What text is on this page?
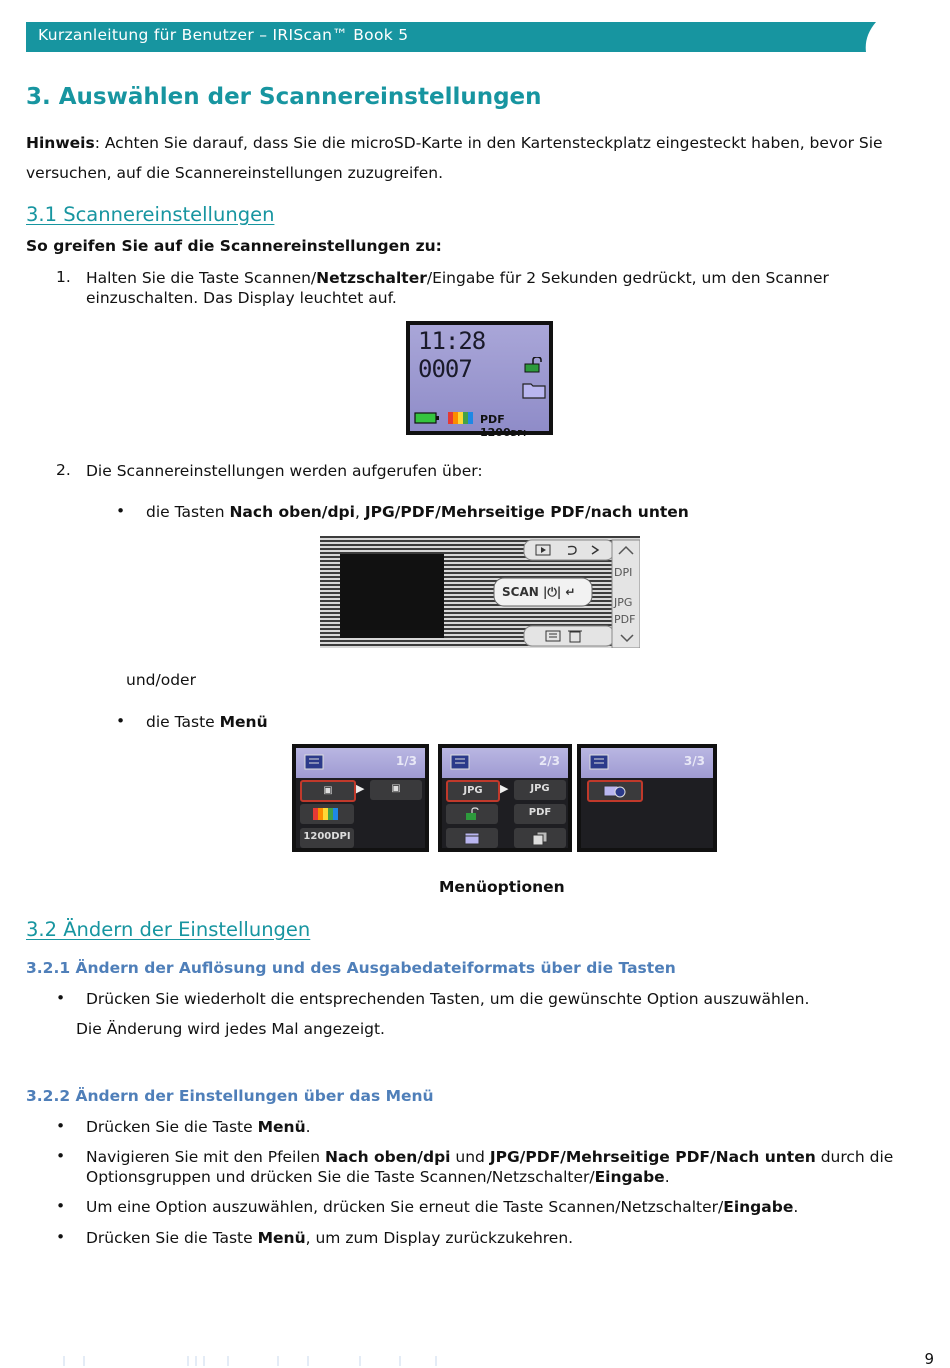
Kurzanleitung für Benutzer – IRIScan™ Book 5
3. Auswählen der Scannereinstellungen
Hinweis: Achten Sie darauf, dass Sie die microSD-Karte in den Kartensteckplatz eingesteckt haben, bevor Sie versuchen, auf die Scannereinstellungen zuzugreifen.
3.1 Scannereinstellungen
So greifen Sie auf die Scannereinstellungen zu:
1. Halten Sie die Taste Scannen/Netzschalter/Eingabe für 2 Sekunden gedrückt, um den Scanner einzuschalten. Das Display leuchtet auf.
11:28 0007
PDF 1200DPI
2. Die Scannereinstellungen werden aufgerufen über:
• die Tasten Nach oben/dpi, JPG/PDF/Mehrseitige PDF/nach unten
SCAN |⏻| ↵
DPI
JPG
PDF
und/oder
• die Taste Menü
1/3
▣	▶	▣
1200DPI
2/3
JPG	▶	JPG
PDF
3/3
Menüoptionen
3.2 Ändern der Einstellungen
3.2.1 Ändern der Auflösung und des Ausgabedateiformats über die Tasten
• Drücken Sie wiederholt die entsprechenden Tasten, um die gewünschte Option auszuwählen.
Die Änderung wird jedes Mal angezeigt.
3.2.2 Ändern der Einstellungen über das Menü
• Drücken Sie die Taste Menü.
• Navigieren Sie mit den Pfeilen Nach oben/dpi und JPG/PDF/Mehrseitige PDF/Nach unten durch die Optionsgruppen und drücken Sie die Taste Scannen/Netzschalter/Eingabe.
• Um eine Option auszuwählen, drücken Sie erneut die Taste Scannen/Netzschalter/Eingabe.
• Drücken Sie die Taste Menü, um zum Display zurückzukehren.
9
